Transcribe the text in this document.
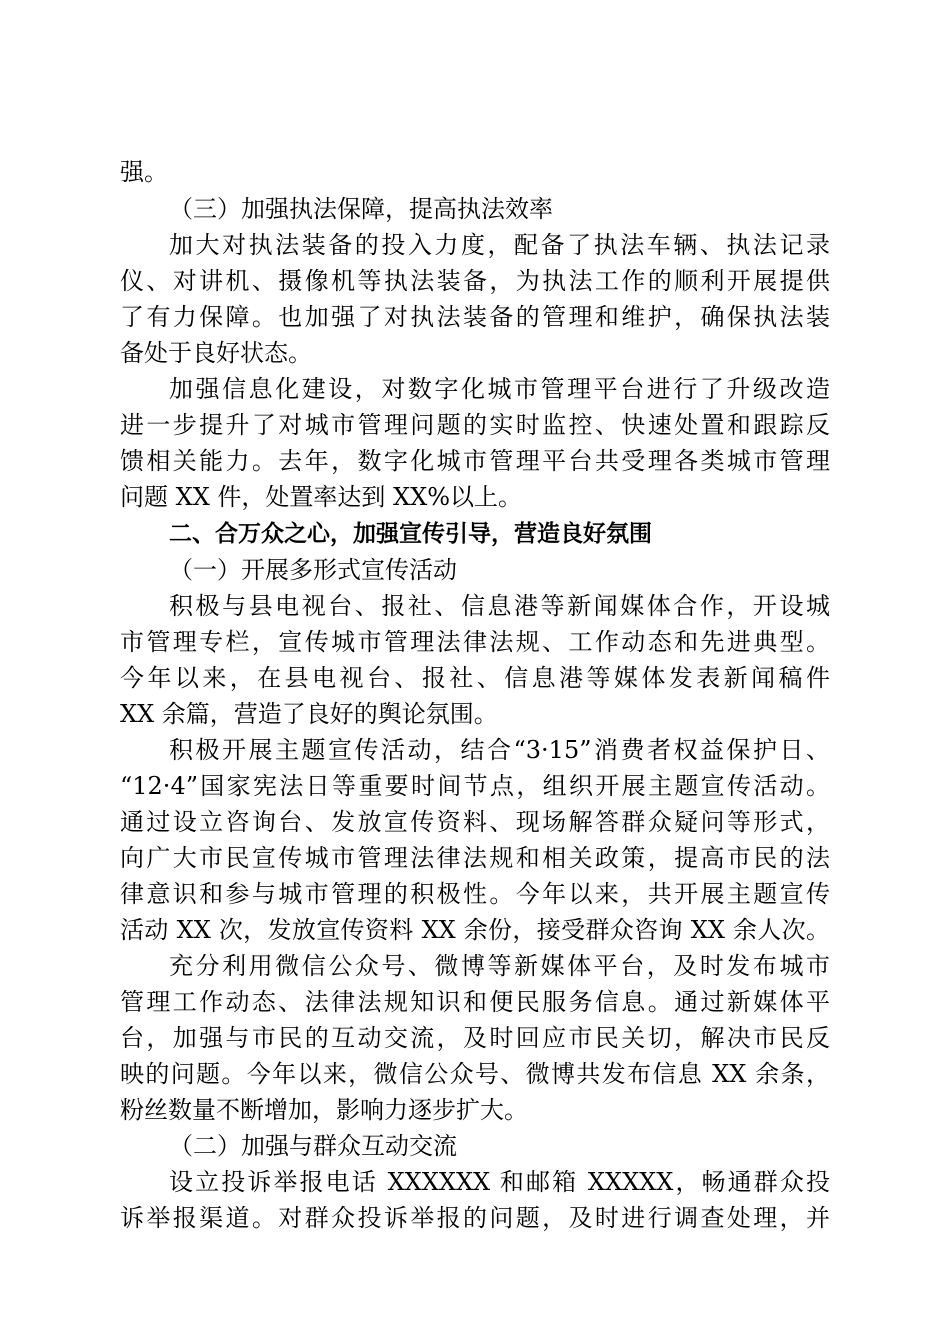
强。
（三）加强执法保障，提高执法效率
加大对执法装备的投入力度，配备了执法车辆、执法记录
仪、对讲机、摄像机等执法装备，为执法工作的顺利开展提供
了有力保障。也加强了对执法装备的管理和维护，确保执法装
备处于良好状态。
加强信息化建设，对数字化城市管理平台进行了升级改造
进一步提升了对城市管理问题的实时监控、快速处置和跟踪反
馈相关能力。去年，数字化城市管理平台共受理各类城市管理
问题 XX 件，处置率达到 XX%以上。
二、合万众之心，加强宣传引导，营造良好氛围
（一）开展多形式宣传活动
积极与县电视台、报社、信息港等新闻媒体合作，开设城
市管理专栏，宣传城市管理法律法规、工作动态和先进典型。
今年以来，在县电视台、报社、信息港等媒体发表新闻稿件
XX 余篇，营造了良好的舆论氛围。
积极开展主题宣传活动，结合“3·15”消费者权益保护日、
“12·4”国家宪法日等重要时间节点，组织开展主题宣传活动。
通过设立咨询台、发放宣传资料、现场解答群众疑问等形式，
向广大市民宣传城市管理法律法规和相关政策，提高市民的法
律意识和参与城市管理的积极性。今年以来，共开展主题宣传
活动 XX 次，发放宣传资料 XX 余份，接受群众咨询 XX 余人次。
充分利用微信公众号、微博等新媒体平台，及时发布城市
管理工作动态、法律法规知识和便民服务信息。通过新媒体平
台，加强与市民的互动交流，及时回应市民关切，解决市民反
映的问题。今年以来，微信公众号、微博共发布信息 XX 余条，
粉丝数量不断增加，影响力逐步扩大。
（二）加强与群众互动交流
设立投诉举报电话 XXXXXX 和邮箱 XXXXX，畅通群众投
诉举报渠道。对群众投诉举报的问题，及时进行调查处理，并
